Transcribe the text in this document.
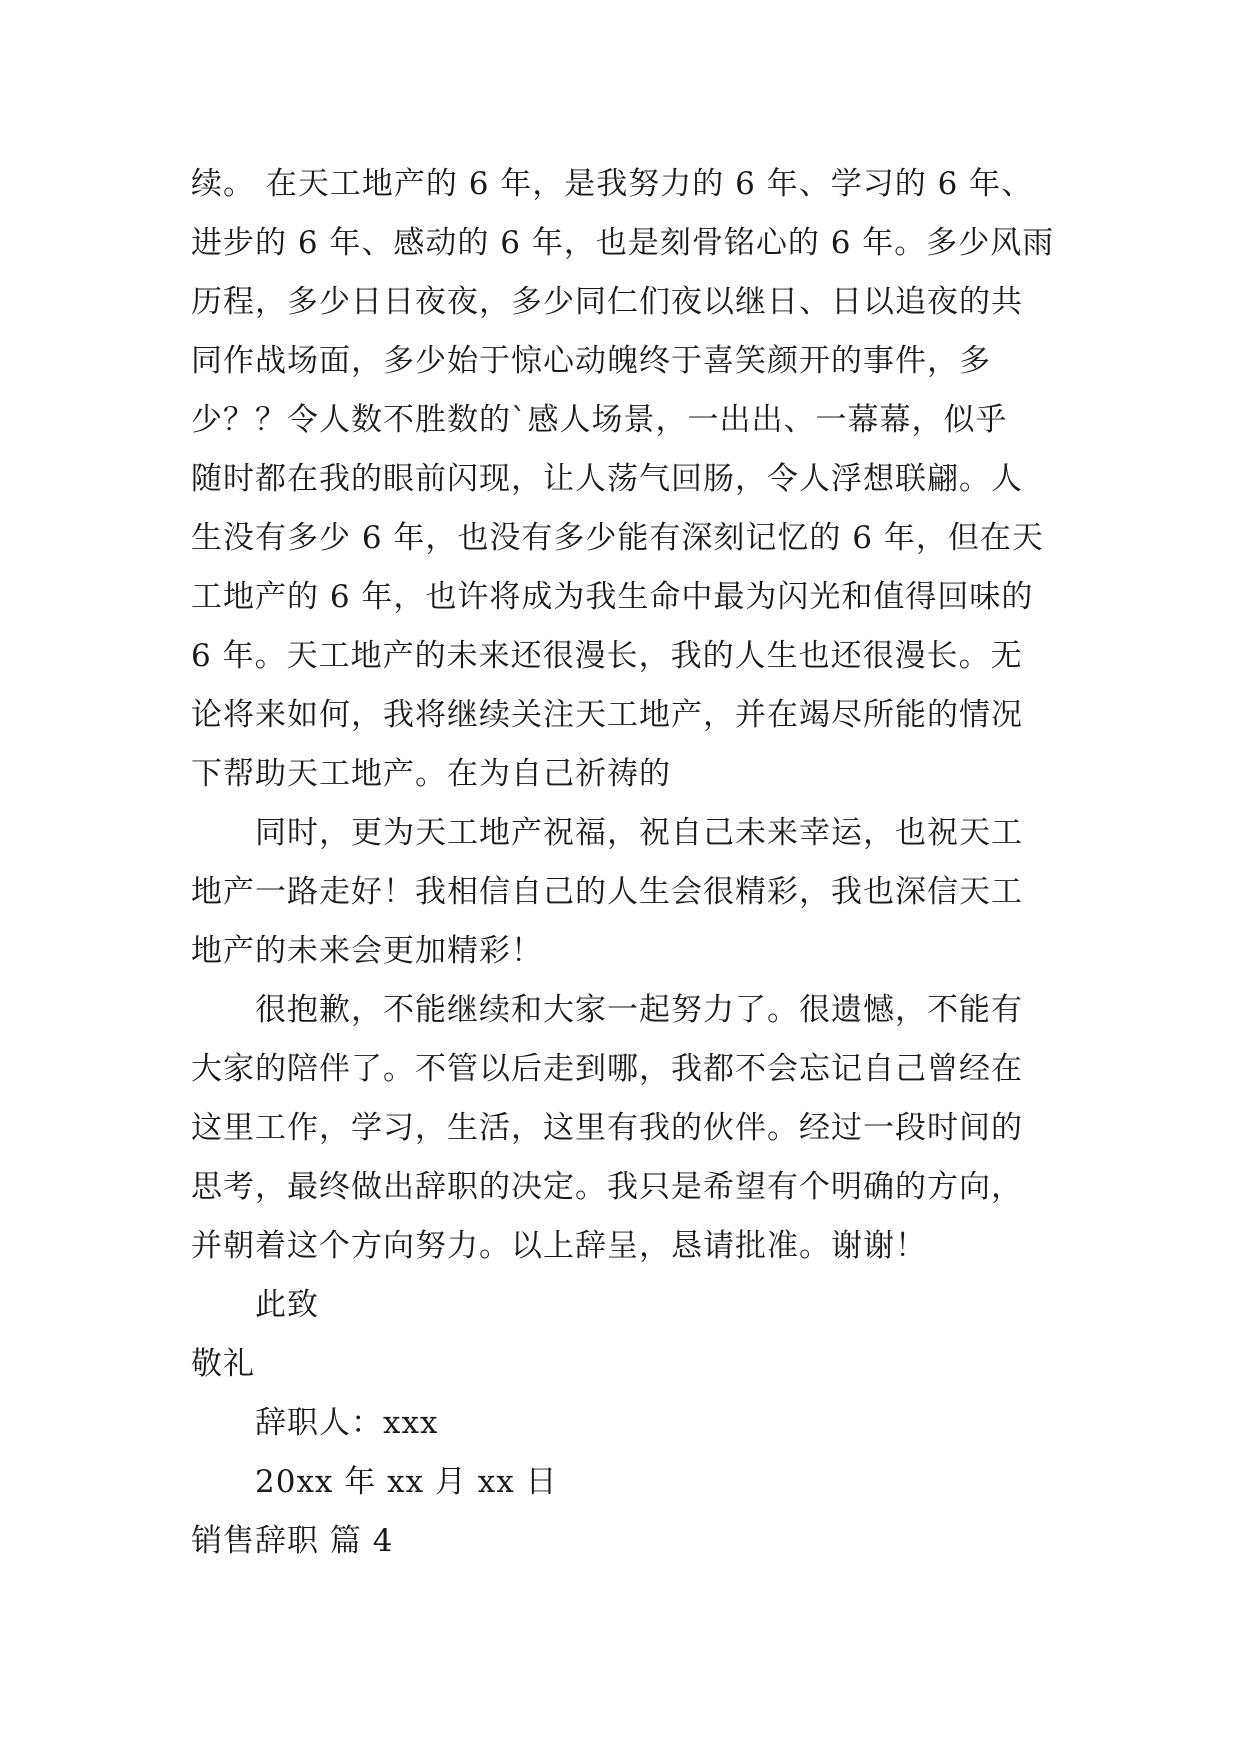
续。 在天工地产的 6 年，是我努力的 6 年、学习的 6 年、
进步的 6 年、感动的 6 年，也是刻骨铭心的 6 年。多少风雨
历程，多少日日夜夜，多少同仁们夜以继日、日以追夜的共
同作战场面，多少始于惊心动魄终于喜笑颜开的事件，多
少？？令人数不胜数的`感人场景，一出出、一幕幕，似乎
随时都在我的眼前闪现，让人荡气回肠，令人浮想联翩。人
生没有多少 6 年，也没有多少能有深刻记忆的 6 年，但在天
工地产的 6 年，也许将成为我生命中最为闪光和值得回味的
6 年。天工地产的未来还很漫长，我的人生也还很漫长。无
论将来如何，我将继续关注天工地产，并在竭尽所能的情况
下帮助天工地产。在为自己祈祷的
同时，更为天工地产祝福，祝自己未来幸运，也祝天工
地产一路走好！我相信自己的人生会很精彩，我也深信天工
地产的未来会更加精彩！
很抱歉，不能继续和大家一起努力了。很遗憾，不能有
大家的陪伴了。不管以后走到哪，我都不会忘记自己曾经在
这里工作，学习，生活，这里有我的伙伴。经过一段时间的
思考，最终做出辞职的决定。我只是希望有个明确的方向，
并朝着这个方向努力。以上辞呈，恳请批准。谢谢！
此致
敬礼
辞职人：xxx
20xx 年 xx 月 xx 日
销售辞职 篇 4
